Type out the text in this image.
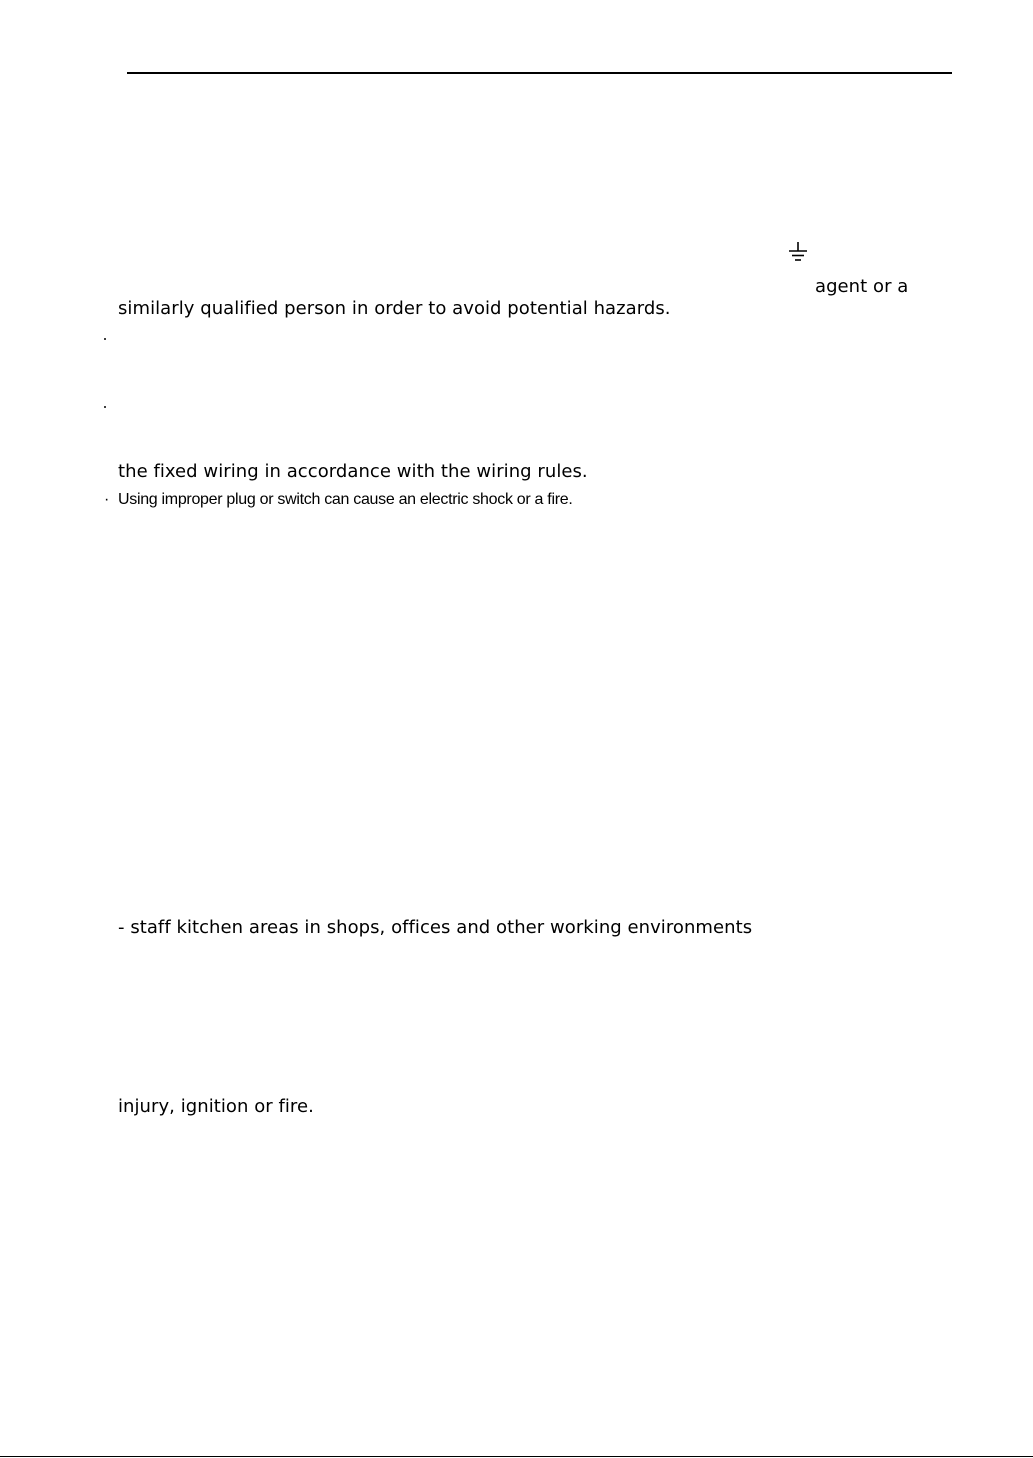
agent or a
similarly qualified person in order to avoid potential hazards.
the fixed wiring in accordance with the wiring rules.
· Using improper plug or switch can cause an electric shock or a fire.
- staff kitchen areas in shops, offices and other working environments
injury, ignition or fire.
